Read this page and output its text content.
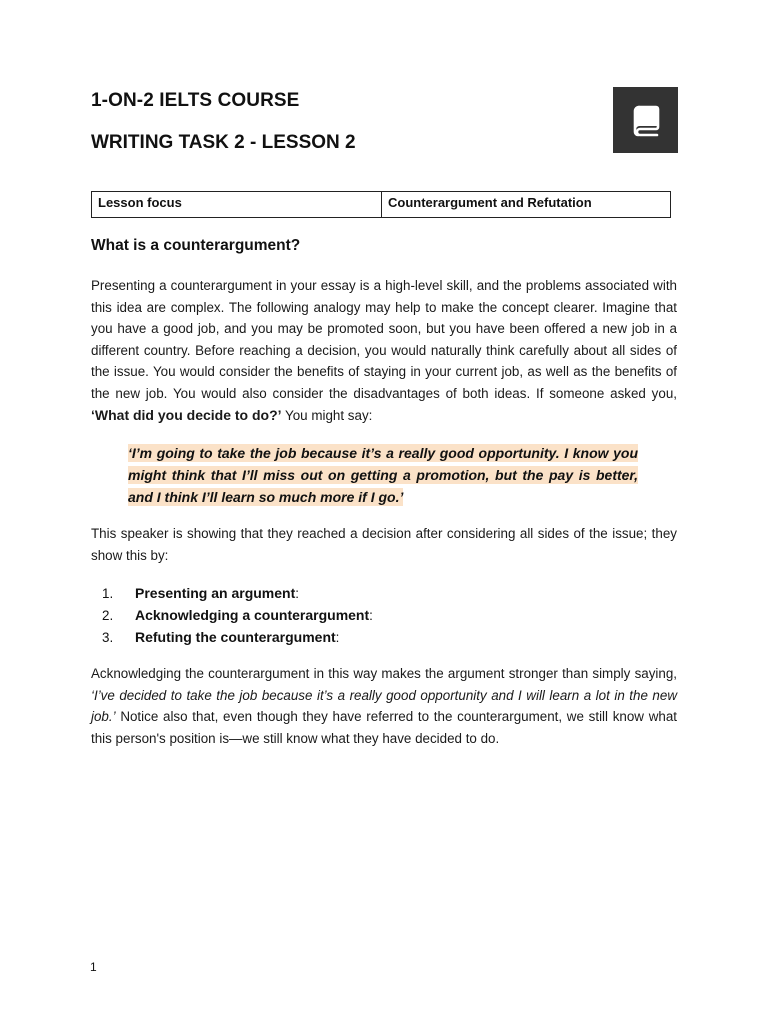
1-ON-2 IELTS COURSE
WRITING TASK 2 - LESSON 2
Lesson focus	Counterargument and Refutation
What is a counterargument?

Presenting a counterargument in your essay is a high-level skill, and the problems associated with this idea are complex. The following analogy may help to make the concept clearer. Imagine that you have a good job, and you may be promoted soon, but you have been offered a new job in a different country. Before reaching a decision, you would naturally think carefully about all sides of the issue. You would consider the benefits of staying in your current job, as well as the benefits of the new job. You would also consider the disadvantages of both ideas. If someone asked you, ‘What did you decide to do?’ You might say:

‘I’m going to take the job because it’s a really good opportunity. I know you might think that I’ll miss out on getting a promotion, but the pay is better, and I think I’ll learn so much more if I go.’

This speaker is showing that they reached a decision after considering all sides of the issue; they show this by:

1. Presenting an argument:
2. Acknowledging a counterargument:
3. Refuting the counterargument:

Acknowledging the counterargument in this way makes the argument stronger than simply saying, ‘I’ve decided to take the job because it’s a really good opportunity and I will learn a lot in the new job.’ Notice also that, even though they have referred to the counterargument, we still know what this person's position is—we still know what they have decided to do.

1
